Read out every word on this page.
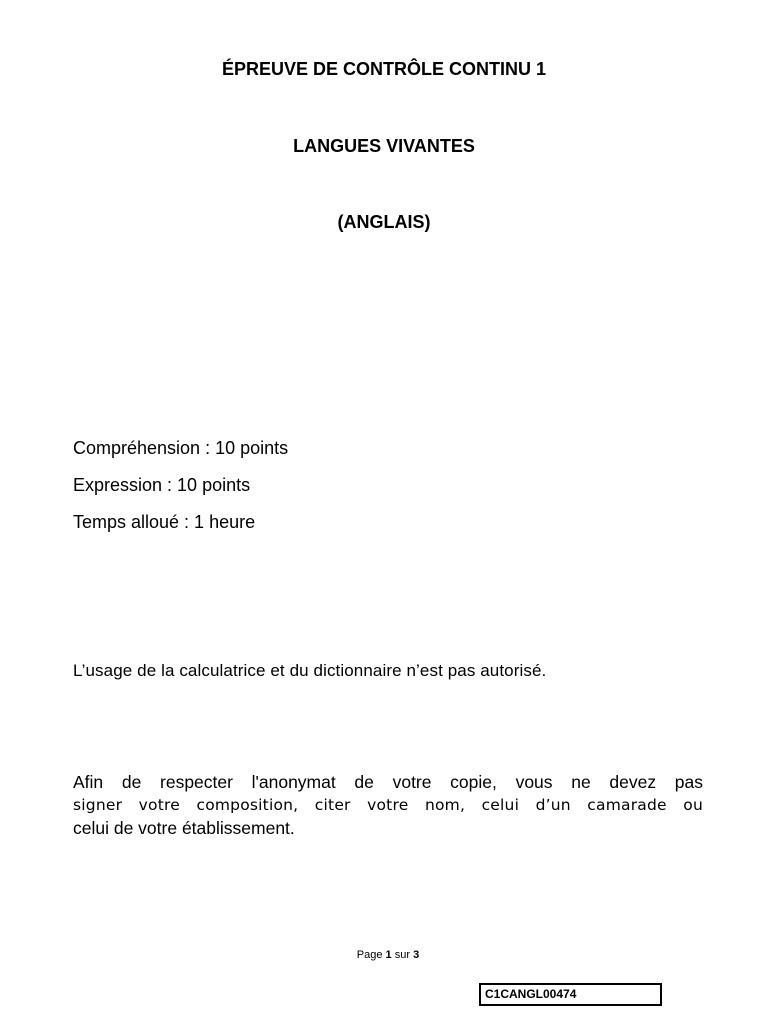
ÉPREUVE DE CONTRÔLE CONTINU 1
LANGUES VIVANTES
(ANGLAIS)
Compréhension : 10 points
Expression : 10 points
Temps alloué : 1 heure
L’usage de la calculatrice et du dictionnaire n’est pas autorisé.

Afin de respecter l'anonymat de votre copie, vous ne devez pas
signer votre composition, citer votre nom, celui d’un camarade ou
celui de votre établissement.

Page 1 sur 3
C1CANGL00474
